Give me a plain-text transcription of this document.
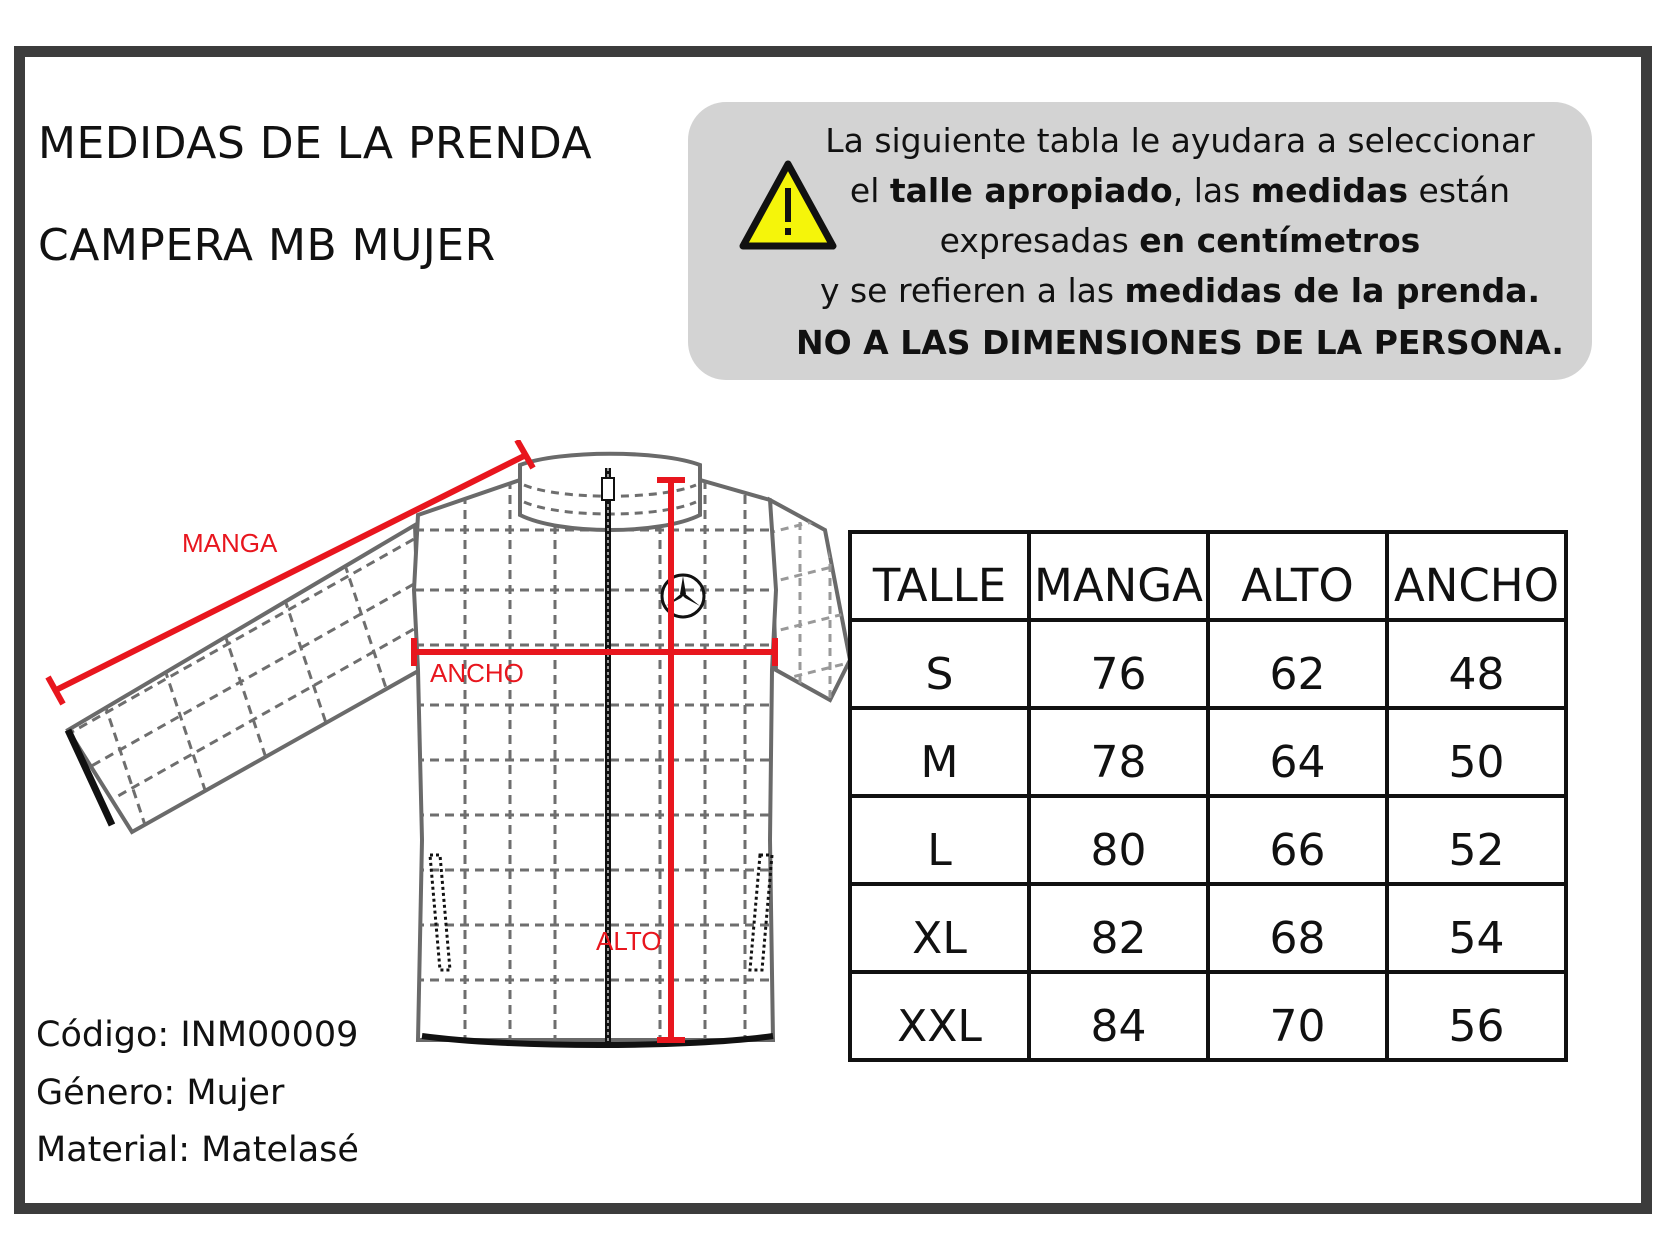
MEDIDAS DE LA PRENDA
CAMPERA MB MUJER
La siguiente tabla le ayudara a seleccionar
el talle apropiado, las medidas están
expresadas en centímetros
y se refieren a las medidas de la prenda.
NO A LAS DIMENSIONES DE LA PERSONA.
MANGA
ANCHO
ALTO
TALLE	MANGA	ALTO	ANCHO
S	76	62	48
M	78	64	50
L	80	66	52
XL	82	68	54
XXL	84	70	56
Código: INM00009
Género: Mujer
Material: Matelasé
